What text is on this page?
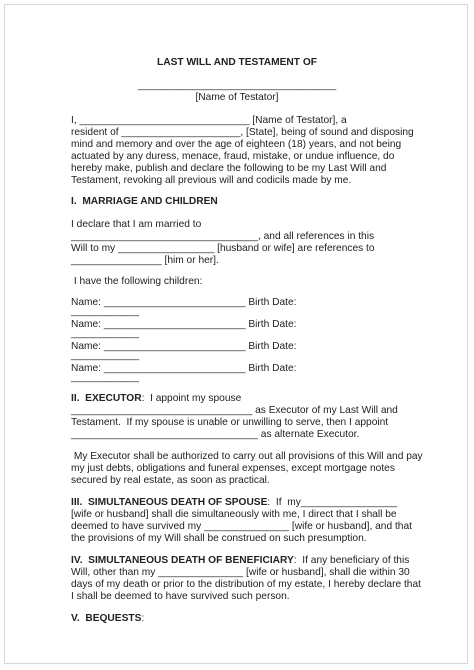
LAST WILL AND TESTAMENT OF
___________________________________
[Name of Testator]
I, ______________________________ [Name of Testator], a
resident of _____________________, [State], being of sound and disposing
mind and memory and over the age of eighteen (18) years, and not being
actuated by any duress, menace, fraud, mistake, or undue influence, do
hereby make, publish and declare the following to be my Last Will and
Testament, revoking all previous will and codicils made by me.
I.  MARRIAGE AND CHILDREN
I declare that I am married to
_________________________________, and all references in this
Will to my _________________ [husband or wife] are references to
________________ [him or her].
I have the following children:
Name: _________________________ Birth Date:
____________
Name: _________________________ Birth Date:
____________
Name: _________________________ Birth Date:
____________
Name: _________________________ Birth Date:
____________
II.  EXECUTOR:  I appoint my spouse
________________________________ as Executor of my Last Will and
Testament.  If my spouse is unable or unwilling to serve, then I appoint
_________________________________ as alternate Executor.
My Executor shall be authorized to carry out all provisions of this Will and pay
my just debts, obligations and funeral expenses, except mortgage notes
secured by real estate, as soon as practical.
III.  SIMULTANEOUS DEATH OF SPOUSE:  If  my_________________
[wife or husband] shall die simultaneously with me, I direct that I shall be
deemed to have survived my _______________ [wife or husband], and that
the provisions of my Will shall be construed on such presumption.
IV.  SIMULTANEOUS DEATH OF BENEFICIARY:  If any beneficiary of this
Will, other than my _______________ [wife or husband], shall die within 30
days of my death or prior to the distribution of my estate, I hereby declare that
I shall be deemed to have survived such person.
V.  BEQUESTS:
